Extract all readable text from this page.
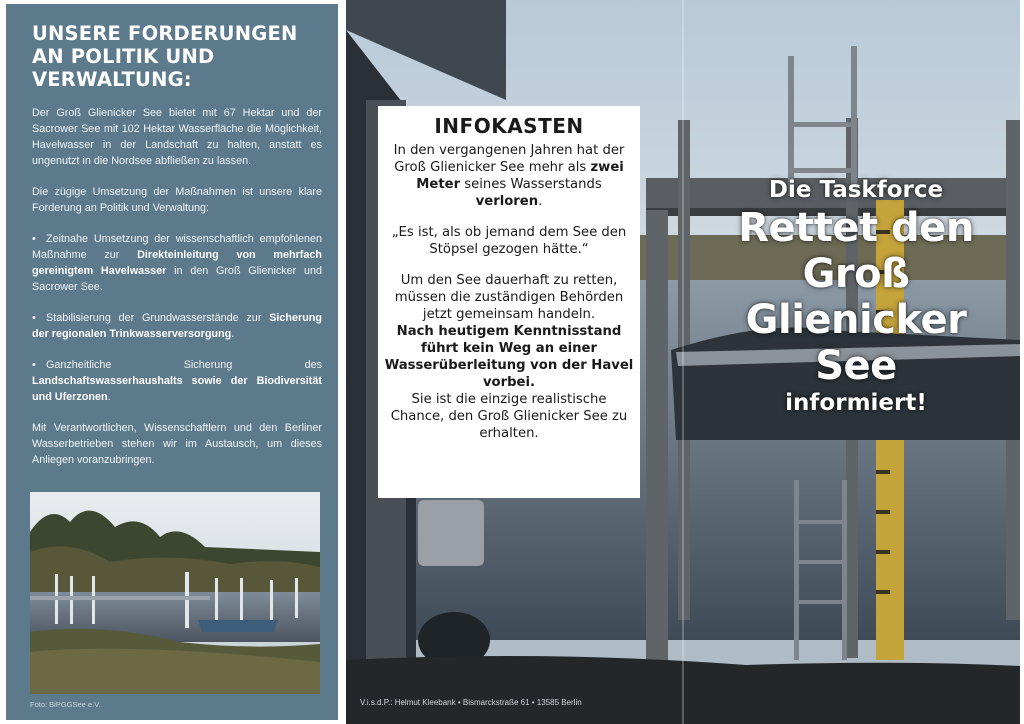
UNSERE FORDERUNGEN
AN POLITIK UND
VERWALTUNG:

Der Groß Glienicker See bietet mit 67 Hektar und der Sacrower See mit 102 Hektar Wasserfläche die Möglichkeit, Havelwasser in der Landschaft zu halten, anstatt es ungenutzt in die Nordsee abfließen zu lassen.

Die zügige Umsetzung der Maßnahmen ist unsere klare Forderung an Politik und Verwaltung:

• Zeitnahe Umsetzung der wissenschaftlich empfohlenen Maßnahme zur Direkteinleitung von mehrfach gereinigtem Havelwasser in den Groß Glienicker und Sacrower See.

• Stabilisierung der Grundwasserstände zur Sicherung der regionalen Trinkwasserversorgung.

• Ganzheitliche Sicherung des Landschaftswasserhaushalts sowie der Biodiversität und Uferzonen.

Mit Verantwortlichen, Wissenschaftlern und den Berliner Wasserbetrieben stehen wir im Austausch, um dieses Anliegen voranzubringen.

Foto: BiPGGSee e.V.
INFOKASTEN

In den vergangenen Jahren hat der Groß Glienicker See mehr als zwei Meter seines Wasserstands verloren.

„Es ist, als ob jemand dem See den Stöpsel gezogen hätte.“

Um den See dauerhaft zu retten, müssen die zuständigen Behörden jetzt gemeinsam handeln.

Nach heutigem Kenntnisstand führt kein Weg an einer Wasserüberleitung von der Havel vorbei.
Sie ist die einzige realistische Chance, den Groß Glienicker See zu erhalten.

Die Taskforce
Rettet den
Groß
Glienicker
See
informiert!
V.i.s.d.P.: Helmut Kleebank • Bismarckstraße 61 • 13585 Berlin
